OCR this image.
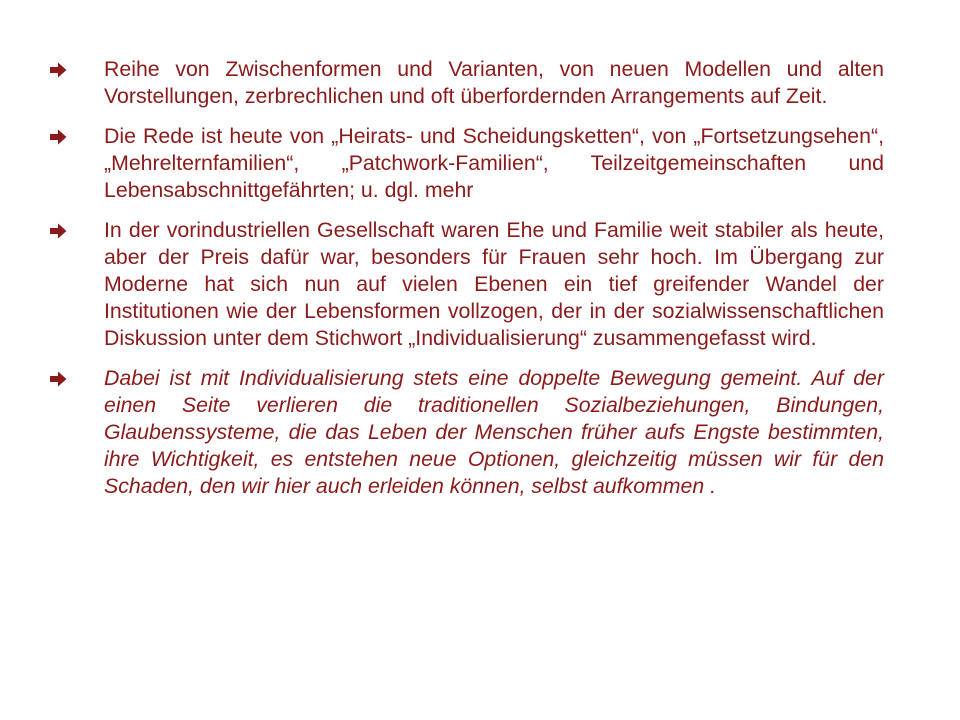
Reihe von Zwischenformen und Varianten, von neuen Modellen und alten Vorstellungen, zerbrechlichen und oft überfordernden Arrangements auf Zeit.
Die Rede ist heute von „Heirats- und Scheidungsketten“, von „Fortsetzungsehen“, „Mehrelternfamilien“, „Patchwork-Familien“, Teilzeitgemeinschaften und Lebensabschnittgefährten; u. dgl. mehr
In der vorindustriellen Gesellschaft waren Ehe und Familie weit stabiler als heute, aber der Preis dafür war, besonders für Frauen sehr hoch. Im Übergang zur Moderne hat sich nun auf vielen Ebenen ein tief greifender Wandel der Institutionen wie der Lebensformen vollzogen, der in der sozialwissenschaftlichen Diskussion unter dem Stichwort „Individualisierung“ zusammengefasst wird.
Dabei ist mit Individualisierung stets eine doppelte Bewegung gemeint. Auf der einen Seite verlieren die traditionellen Sozialbeziehungen, Bindungen, Glaubenssysteme, die das Leben der Menschen früher aufs Engste bestimmten, ihre Wichtigkeit, es entstehen neue Optionen, gleichzeitig müssen wir für den Schaden, den wir hier auch erleiden können, selbst aufkommen .
